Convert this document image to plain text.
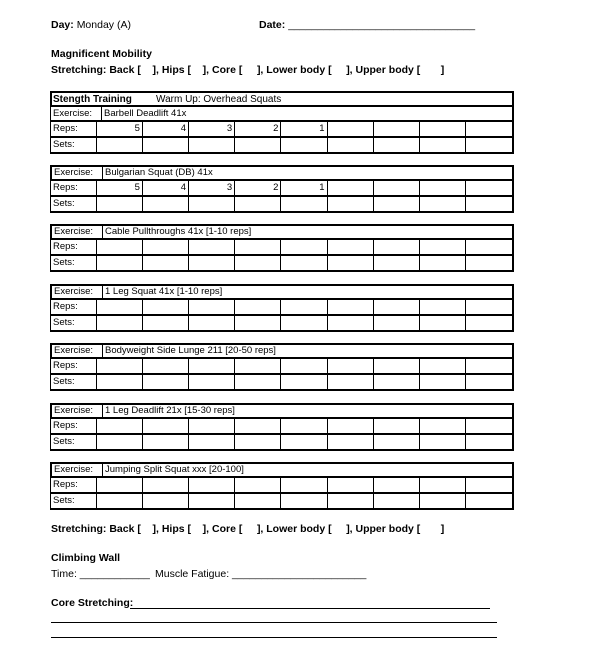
Day: Monday (A)	Date: ________________________________
Magnificent Mobility
Stretching: Back [    ], Hips [    ], Core [     ], Lower body [     ], Upper body [       ]
Stength Training Warm Up: Overhead Squats
Exercise:	Barbell Deadlift 41x
Reps:	5	4	3	2	1
Sets:
Exercise:	Bulgarian Squat (DB) 41x
Reps:	5	4	3	2	1
Sets:
Exercise:	Cable Pullthroughs 41x [1-10 reps]
Reps:
Sets:
Exercise:	1 Leg Squat 41x [1-10 reps]
Reps:
Sets:
Exercise:	Bodyweight Side Lunge 211 [20-50 reps]
Reps:
Sets:
Exercise:	1 Leg Deadlift 21x [15-30 reps]
Reps:
Sets:
Exercise:	Jumping Split Squat xxx [20-100]
Reps:
Sets:
Stretching: Back [    ], Hips [    ], Core [     ], Lower body [     ], Upper body [       ]
Climbing Wall
Time: ____________ Muscle Fatigue: _______________________
Core Stretching:
